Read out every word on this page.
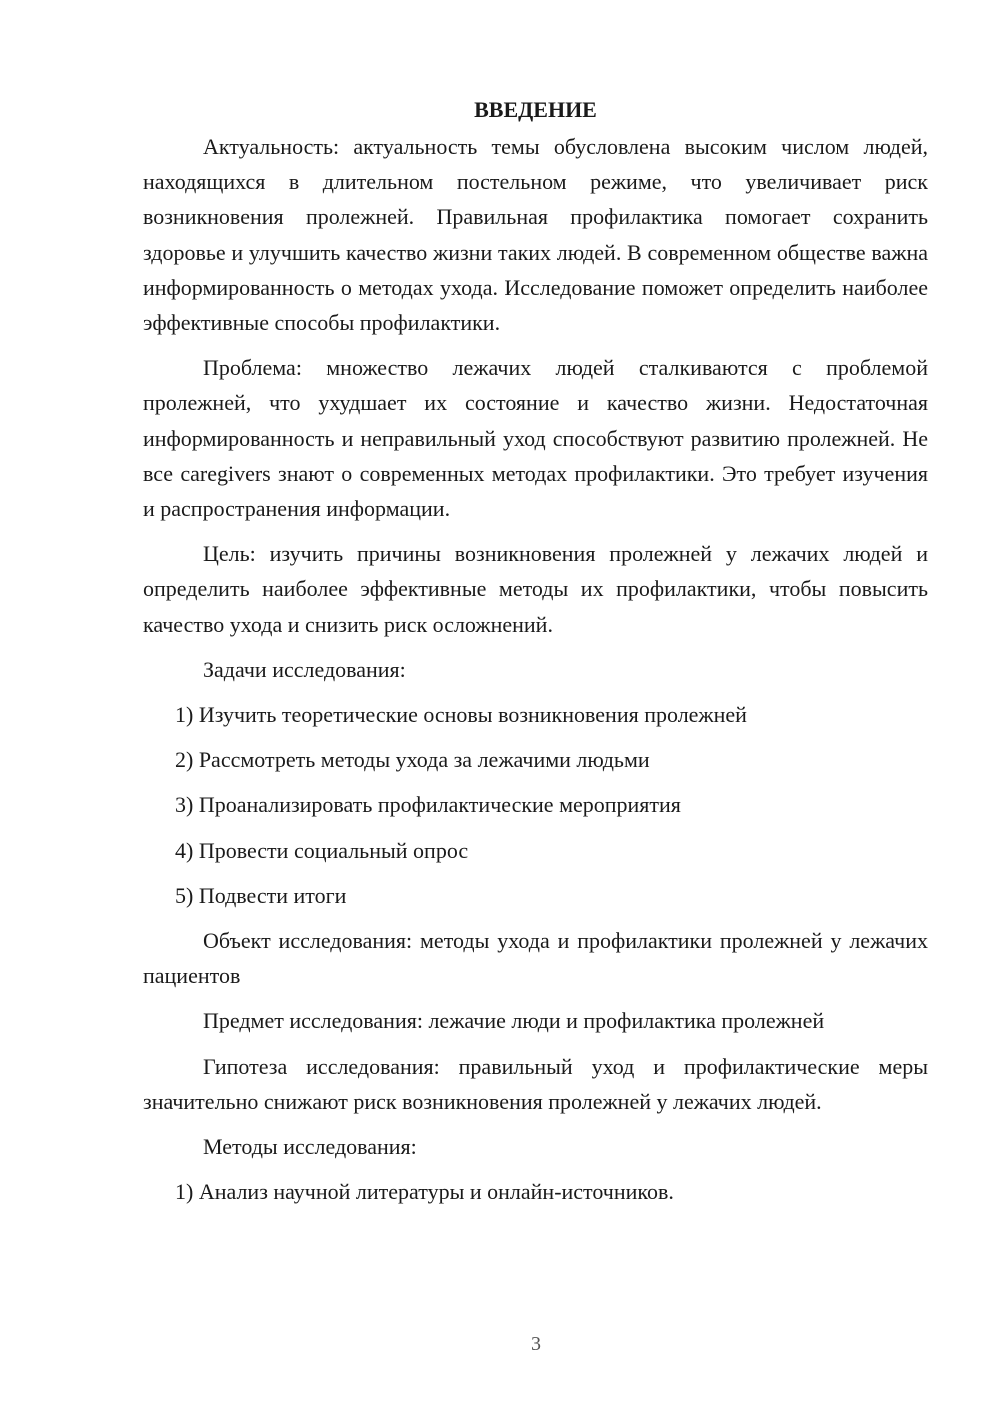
ВВЕДЕНИЕ

Актуальность: актуальность темы обусловлена высоким числом людей, находящихся в длительном постельном режиме, что увеличивает риск возникновения пролежней. Правильная профилактика помогает сохранить здоровье и улучшить качество жизни таких людей. В современном обществе важна информированность о методах ухода. Исследование поможет определить наиболее эффективные способы профилактики.

Проблема: множество лежачих людей сталкиваются с проблемой пролежней, что ухудшает их состояние и качество жизни. Недостаточная информированность и неправильный уход способствуют развитию пролежней. Не все caregivers знают о современных методах профилактики. Это требует изучения и распространения информации.

Цель: изучить причины возникновения пролежней у лежачих людей и определить наиболее эффективные методы их профилактики, чтобы повысить качество ухода и снизить риск осложнений.

Задачи исследования:

1) Изучить теоретические основы возникновения пролежней

2) Рассмотреть методы ухода за лежачими людьми

3) Проанализировать профилактические мероприятия

4) Провести социальный опрос

5) Подвести итоги

Объект исследования: методы ухода и профилактики пролежней у лежачих пациентов

Предмет исследования: лежачие люди и профилактика пролежней

Гипотеза исследования: правильный уход и профилактические меры значительно снижают риск возникновения пролежней у лежачих людей.

Методы исследования:

1) Анализ научной литературы и онлайн-источников.

3
